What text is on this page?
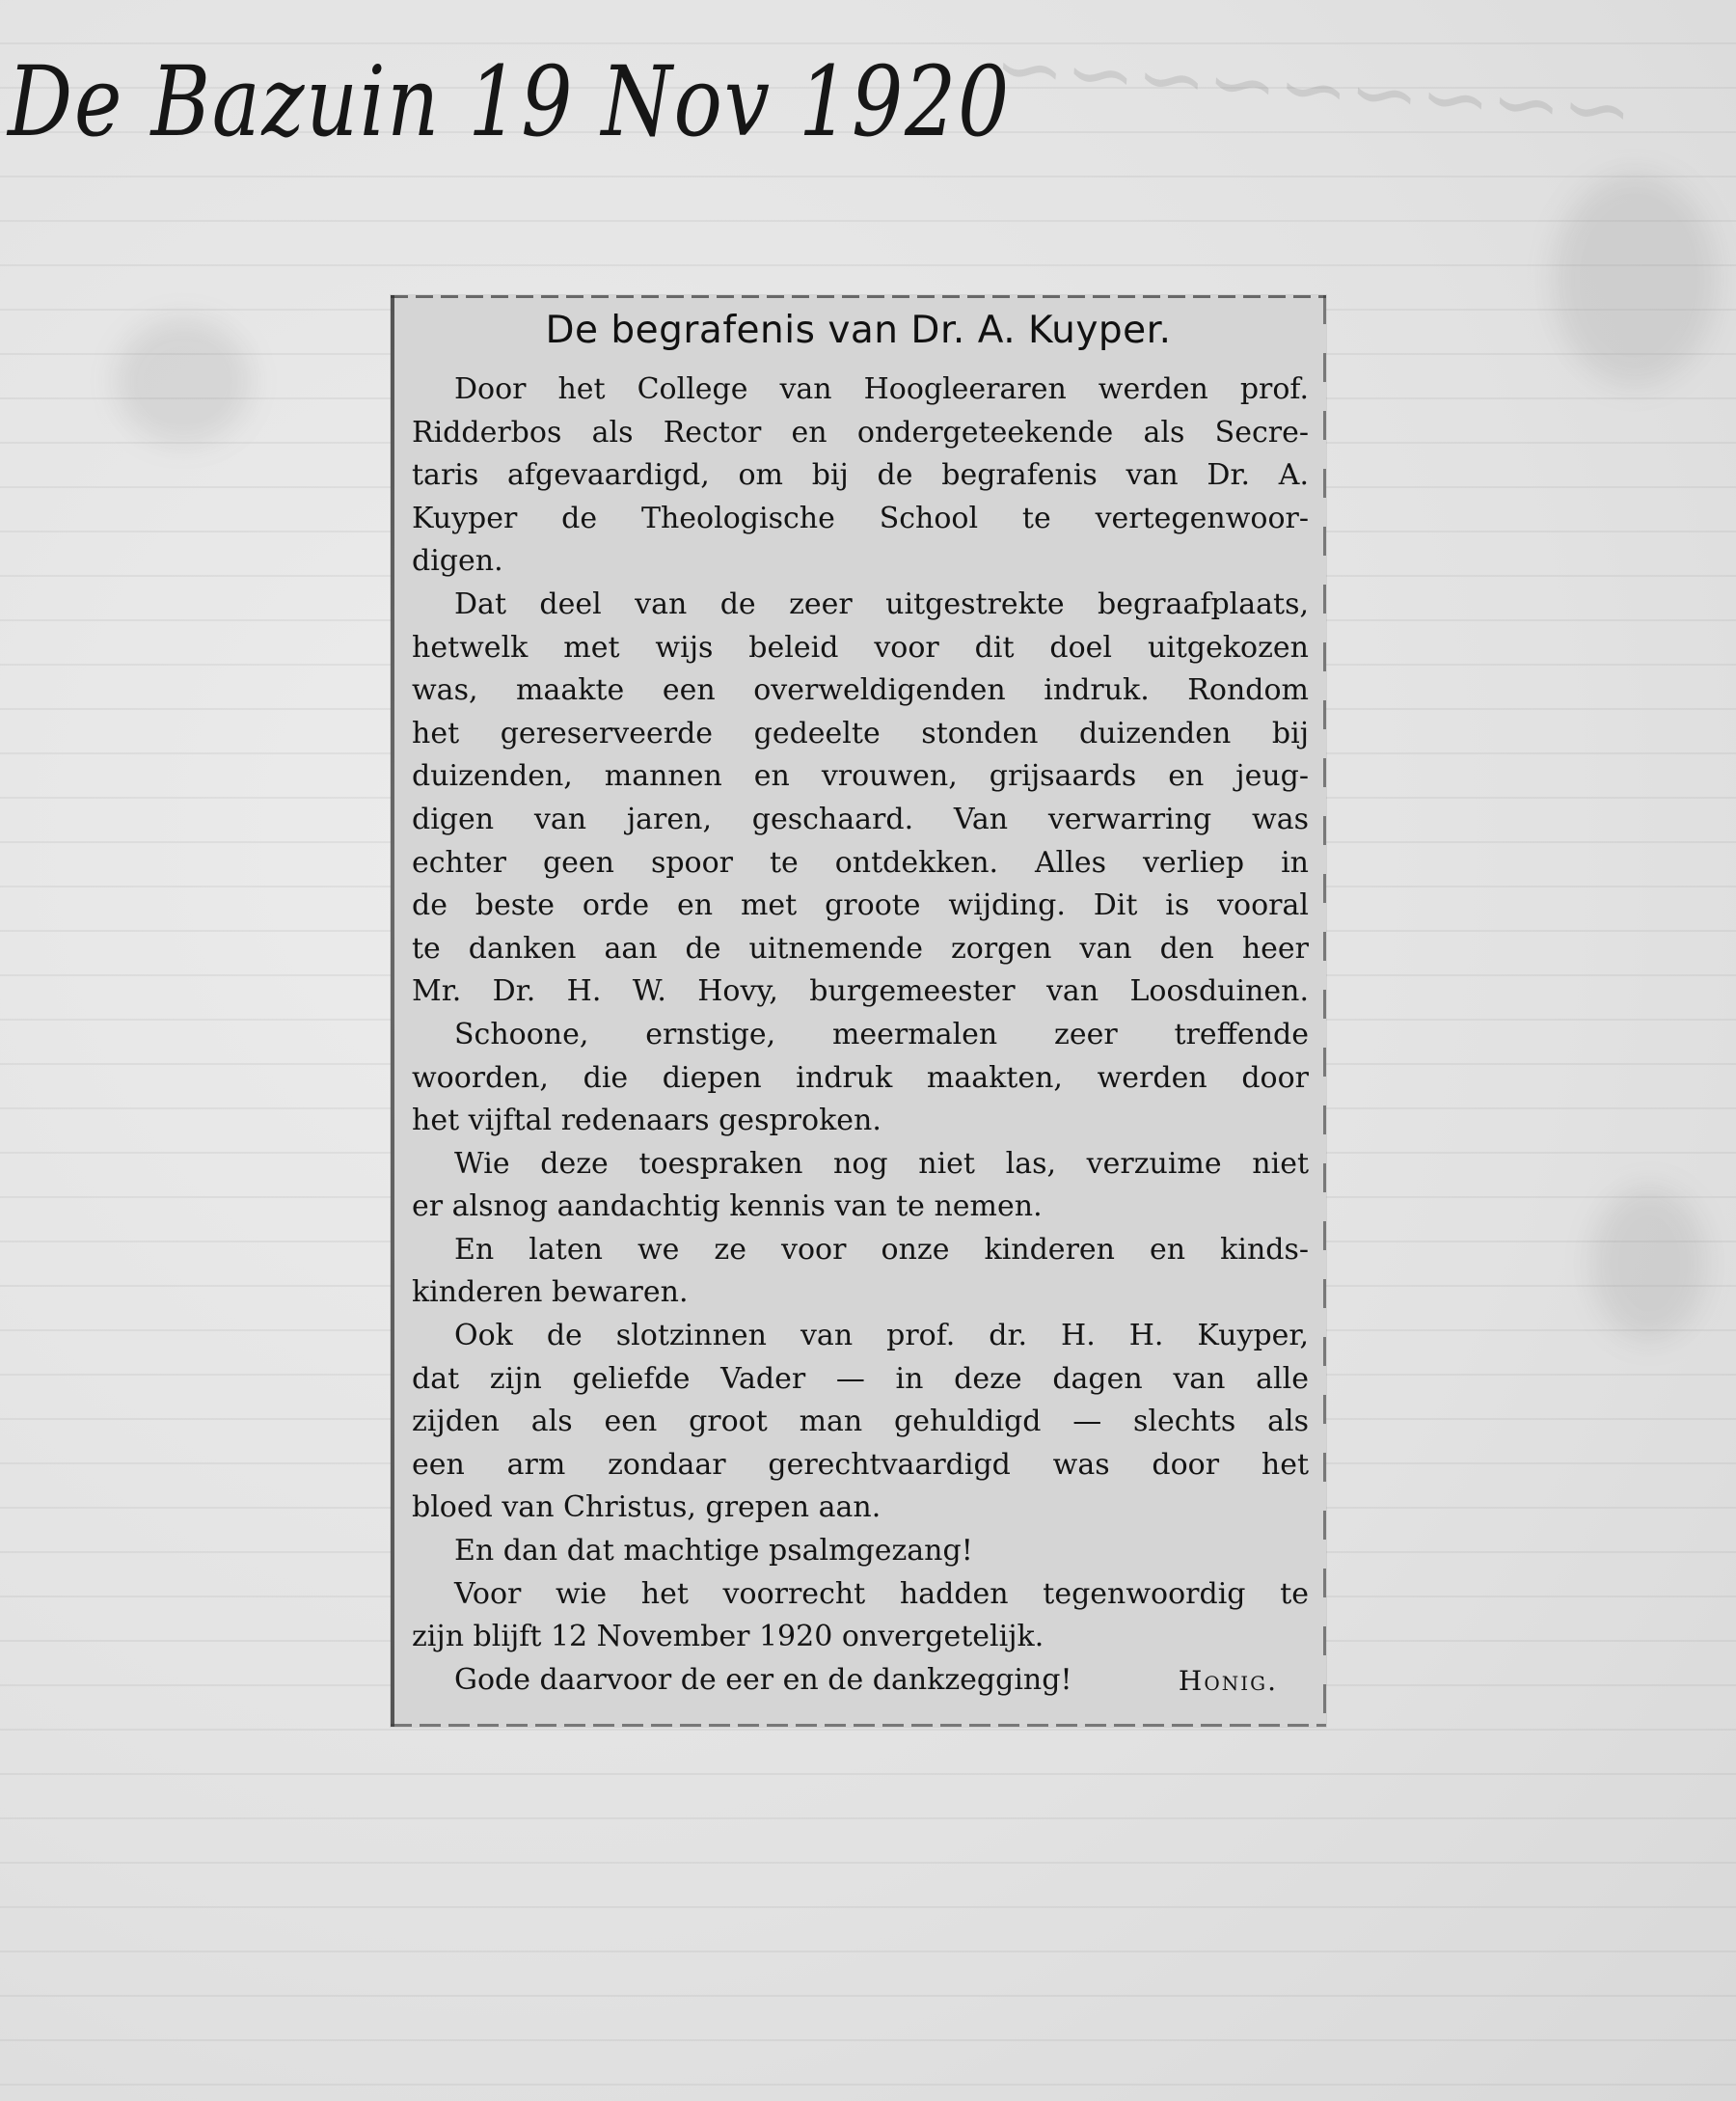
~~~~~~~~~
De Bazuin 19 Nov 1920
De begrafenis van Dr. A. Kuyper.
Door het College van Hoogleeraren werden prof.
Ridderbos als Rector en ondergeteekende als Secre-
taris afgevaardigd, om bij de begrafenis van Dr. A.
Kuyper de Theologische School te vertegenwoor-
digen.
Dat deel van de zeer uitgestrekte begraafplaats,
hetwelk met wijs beleid voor dit doel uitgekozen
was, maakte een overweldigenden indruk. Rondom
het gereserveerde gedeelte stonden duizenden bij
duizenden, mannen en vrouwen, grijsaards en jeug-
digen van jaren, geschaard. Van verwarring was
echter geen spoor te ontdekken. Alles verliep in
de beste orde en met groote wijding. Dit is vooral
te danken aan de uitnemende zorgen van den heer
Mr. Dr. H. W. Hovy, burgemeester van Loosduinen.
Schoone, ernstige, meermalen zeer treffende
woorden, die diepen indruk maakten, werden door
het vijftal redenaars gesproken.
Wie deze toespraken nog niet las, verzuime niet
er alsnog aandachtig kennis van te nemen.
En laten we ze voor onze kinderen en kinds-
kinderen bewaren.
Ook de slotzinnen van prof. dr. H. H. Kuyper,
dat zijn geliefde Vader — in deze dagen van alle
zijden als een groot man gehuldigd — slechts als
een arm zondaar gerechtvaardigd was door het
bloed van Christus, grepen aan.
En dan dat machtige psalmgezang!
Voor wie het voorrecht hadden tegenwoordig te
zijn blijft 12 November 1920 onvergetelijk.
Gode daarvoor de eer en de dankzegging!	Honig.
